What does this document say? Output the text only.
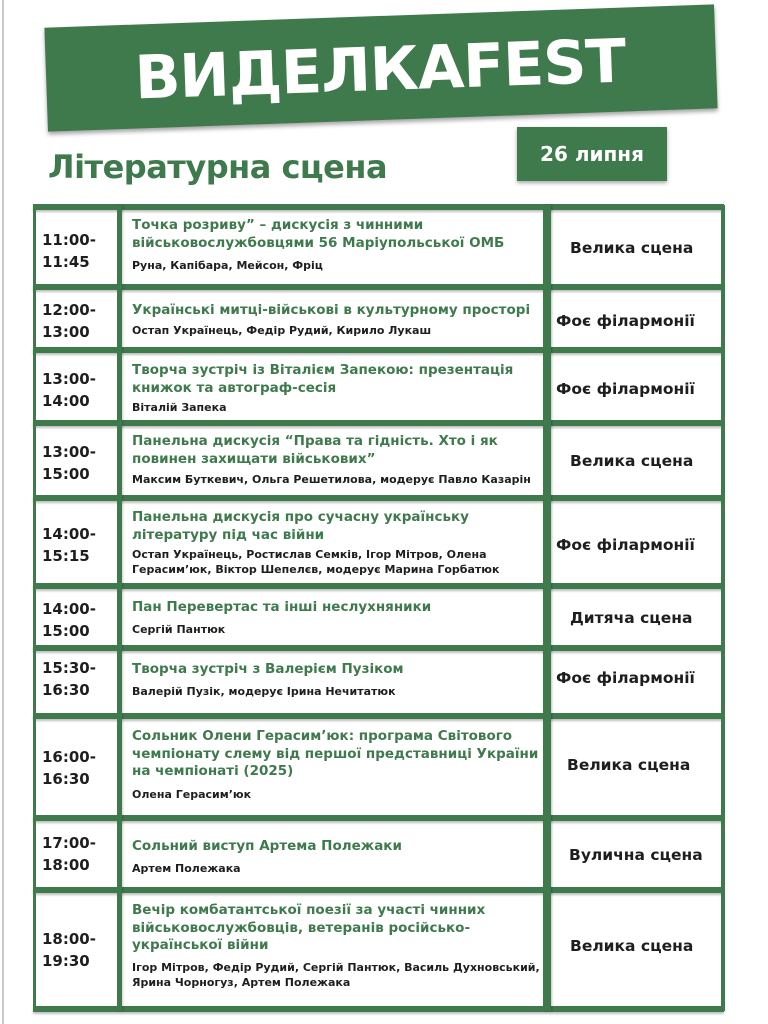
ВИДЕЛКАFEST
Літературна сцена	26 липня
11:00-
11:45
Точка розриву” – дискусія з чинними військовослужбовцями 56 Маріупольської ОМБ
Руна, Капібара, Мейсон, Фріц
Велика сцена
12:00-
13:00
Українські митці-військові в культурному просторі
Остап Українець, Федір Рудий, Кирило Лукаш	Фоє філармонії
13:00-
14:00
Творча зустріч із Віталієм Запекою: презентація книжок та автограф-сесія
Віталій Запека
Фоє філармонії
13:00-
15:00
Панельна дискусія “Права та гідність. Хто і як повинен захищати військових”
Максим Буткевич, Ольга Решетилова, модерує Павло Казарін
Велика сцена
14:00-
15:15
Панельна дискусія про сучасну українську літературу під час війни
Остап Українець, Ростислав Семків, Ігор Мітров, Олена Герасим’юк, Віктор Шепелєв, модерує Марина Горбатюк
Фоє філармонії
14:00-
15:00
Пан Перевертас та інші неслухняники
Сергій Пантюк
Дитяча сцена
15:30-
16:30
Творча зустріч з Валерієм Пузіком
Валерій Пузік, модерує Ірина Нечитатюк
Фоє філармонії
16:00-
16:30
Сольник Олени Герасим’юк: програма Світового чемпіонату слему від першої представниці України на чемпіонаті (2025)
Олена Герасим’юк
Велика сцена
17:00-
18:00
Сольний виступ Артема Полежаки
Артем Полежака
Вулична сцена
18:00-
19:30
Вечір комбатантської поезії за участі чинних військовослужбовців, ветеранів російсько-української війни
Ігор Мітров, Федір Рудий, Сергій Пантюк, Василь Духновський, Ярина Чорногуз, Артем Полежака
Велика сцена
